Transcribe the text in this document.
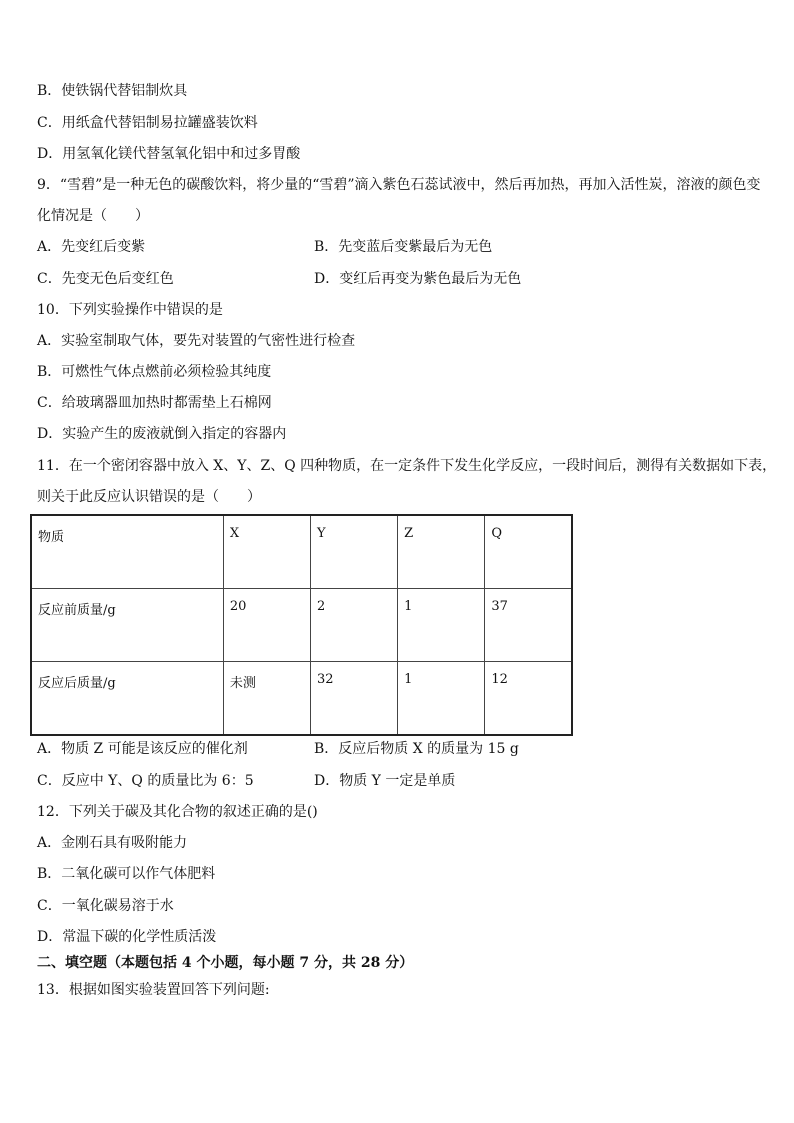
B．使铁锅代替铝制炊具
C．用纸盒代替铝制易拉罐盛装饮料
D．用氢氧化镁代替氢氧化铝中和过多胃酸
9．“雪碧”是一种无色的碳酸饮料，将少量的“雪碧”滴入紫色石蕊试液中，然后再加热，再加入活性炭，溶液的颜色变
化情况是（　　）
A．先变红后变紫	B．先变蓝后变紫最后为无色
C．先变无色后变红色	D．变红后再变为紫色最后为无色
10．下列实验操作中错误的是
A．实验室制取气体，要先对装置的气密性进行检查
B．可燃性气体点燃前必须检验其纯度
C．给玻璃器皿加热时都需垫上石棉网
D．实验产生的废液就倒入指定的容器内
11．在一个密闭容器中放入 X、Y、Z、Q 四种物质，在一定条件下发生化学反应，一段时间后，测得有关数据如下表，
则关于此反应认识错误的是（　　）
物质	X	Y	Z	Q
反应前质量/g	20	2	1	37
反应后质量/g	未测	32	1	12
A．物质 Z 可能是该反应的催化剂	B．反应后物质 X 的质量为 15 g
C．反应中 Y、Q 的质量比为 6：5	D．物质 Y 一定是单质
12．下列关于碳及其化合物的叙述正确的是()
A．金刚石具有吸附能力
B．二氧化碳可以作气体肥料
C．一氧化碳易溶于水
D．常温下碳的化学性质活泼
二、填空题（本题包括 4 个小题，每小题 7 分，共 28 分）
13．根据如图实验装置回答下列问题:
